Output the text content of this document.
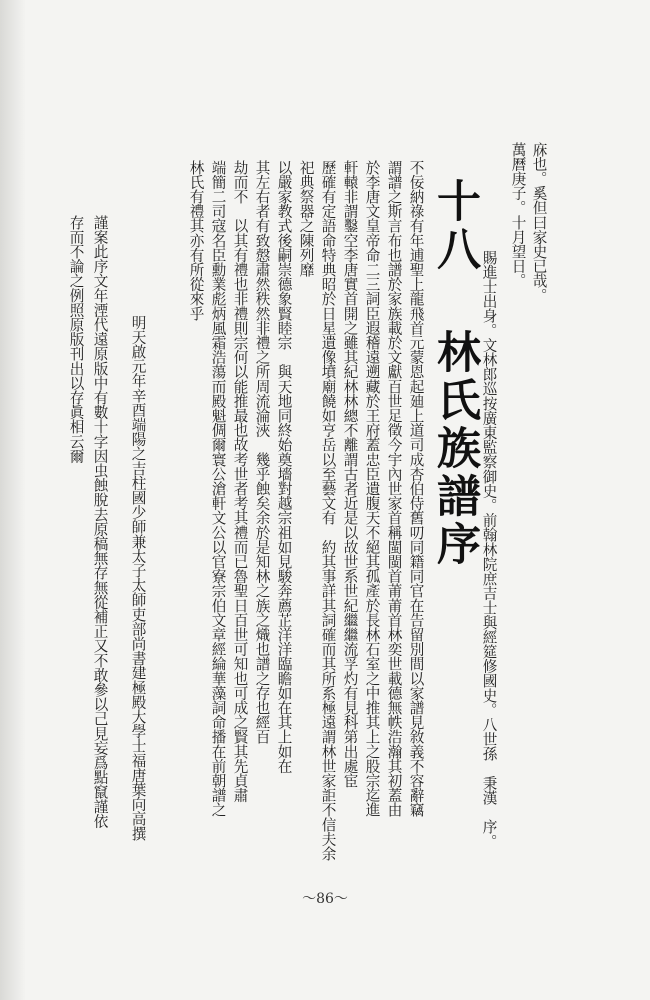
庥也。奚但曰家史已哉。
萬曆庚子。十月望日。
賜進士出身。文林郎巡按廣東監察御史。前翰林院庶吉士與經筵修國史。八世孫　秉漢　序。
十八 林氏族譜序
不佞納祿有年逋聖上龍飛首元蒙恩起廸上道司成杏伯侍舊叨同籍同官在告留別間以家譜見敘義不容辭竊
謂譜之斯言布也譜於家族載於文獻百世足徵今宇內世家首稱閩閩首莆莆首林奕世載德無帙浩瀚其初蓋由
於李唐文皇帝命二三詞臣遐稽遠遡藏於王府蓋忠臣遺腹天不絕其孤產於長林石室之中推其上之股宗迄進
軒轅非謂鑿空李唐實首開之雖其紀林林總不離謂古者近是以故世系世紀繼繼流孚灼有見科第出處宦
歷確有定語命特典昭於日星遺像墳廟饒如亨岳以至藝文有　約其事詳其詞確而其所系極遠謂林世家詎不信夫余
祀典祭器之陳列靡
以嚴家教式後嗣崇德象賢睦宗　與天地同終始奠墻對越宗祖如見駿奔薦芷洋洋臨瞻如在其上如在
其左右者有致慤肅然秩然非禮之所周流淪浹　幾乎蝕矣余於是知林之族之熾也譜之存也經百
劫而不　以其有禮也非禮則宗何以能推最也故考世者考其禮而已魯聖日百世可知也可成之賢其先貞肅
端簡二司寇名臣勳業彪炳風霜浩蕩而殿魁倜爾寰公滄軒文公以官寮宗伯文章經綸華藻詞命播在前朝譜之
林氏有禮其亦有所從來乎
明天啟元年辛酉端陽之吉柱國少師兼太子太師吏部尚書建極殿大學士福唐葉向高撰
謹案此序文年湮代遠原版中有數十字因虫蝕脫去原稿無存無從補正又不敢參以己見妄爲點竄謹依
存而不論之例照原版刊出以存眞相云爾
～86～
